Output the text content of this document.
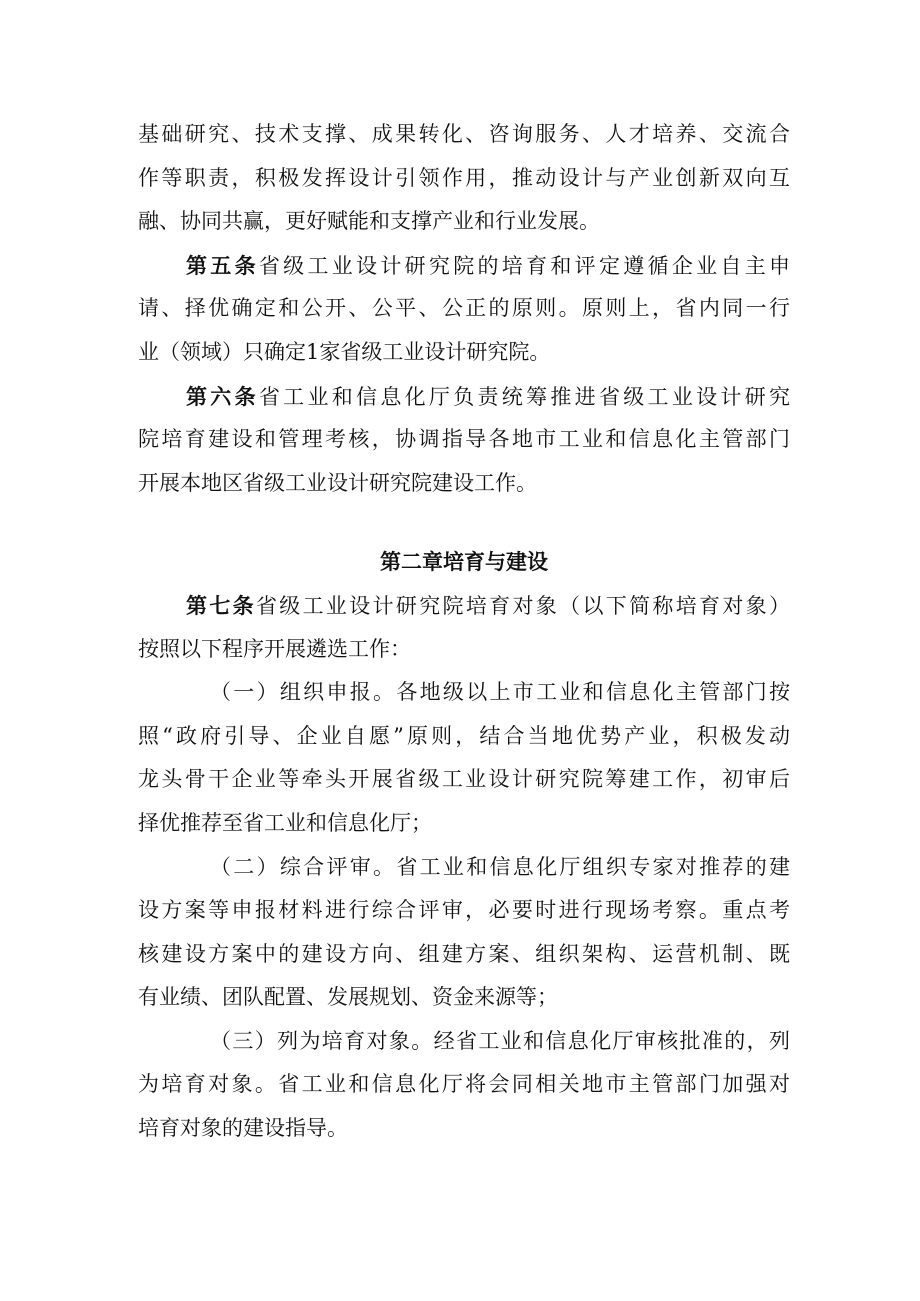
基础研究、技术支撑、成果转化、咨询服务、人才培养、交流合
作等职责，积极发挥设计引领作用，推动设计与产业创新双向互
融、协同共赢，更好赋能和支撑产业和行业发展。
第五条省级工业设计研究院的培育和评定遵循企业自主申
请、择优确定和公开、公平、公正的原则。原则上，省内同一行
业（领域）只确定1家省级工业设计研究院。
第六条省工业和信息化厅负责统筹推进省级工业设计研究
院培育建设和管理考核，协调指导各地市工业和信息化主管部门
开展本地区省级工业设计研究院建设工作。
第二章培育与建设
第七条省级工业设计研究院培育对象（以下简称培育对象）
按照以下程序开展遴选工作：
（一）组织申报。各地级以上市工业和信息化主管部门按
照“政府引导、企业自愿”原则，结合当地优势产业，积极发动
龙头骨干企业等牵头开展省级工业设计研究院筹建工作，初审后
择优推荐至省工业和信息化厅；
（二）综合评审。省工业和信息化厅组织专家对推荐的建
设方案等申报材料进行综合评审，必要时进行现场考察。重点考
核建设方案中的建设方向、组建方案、组织架构、运营机制、既
有业绩、团队配置、发展规划、资金来源等；
（三）列为培育对象。经省工业和信息化厅审核批准的，列
为培育对象。省工业和信息化厅将会同相关地市主管部门加强对
培育对象的建设指导。
